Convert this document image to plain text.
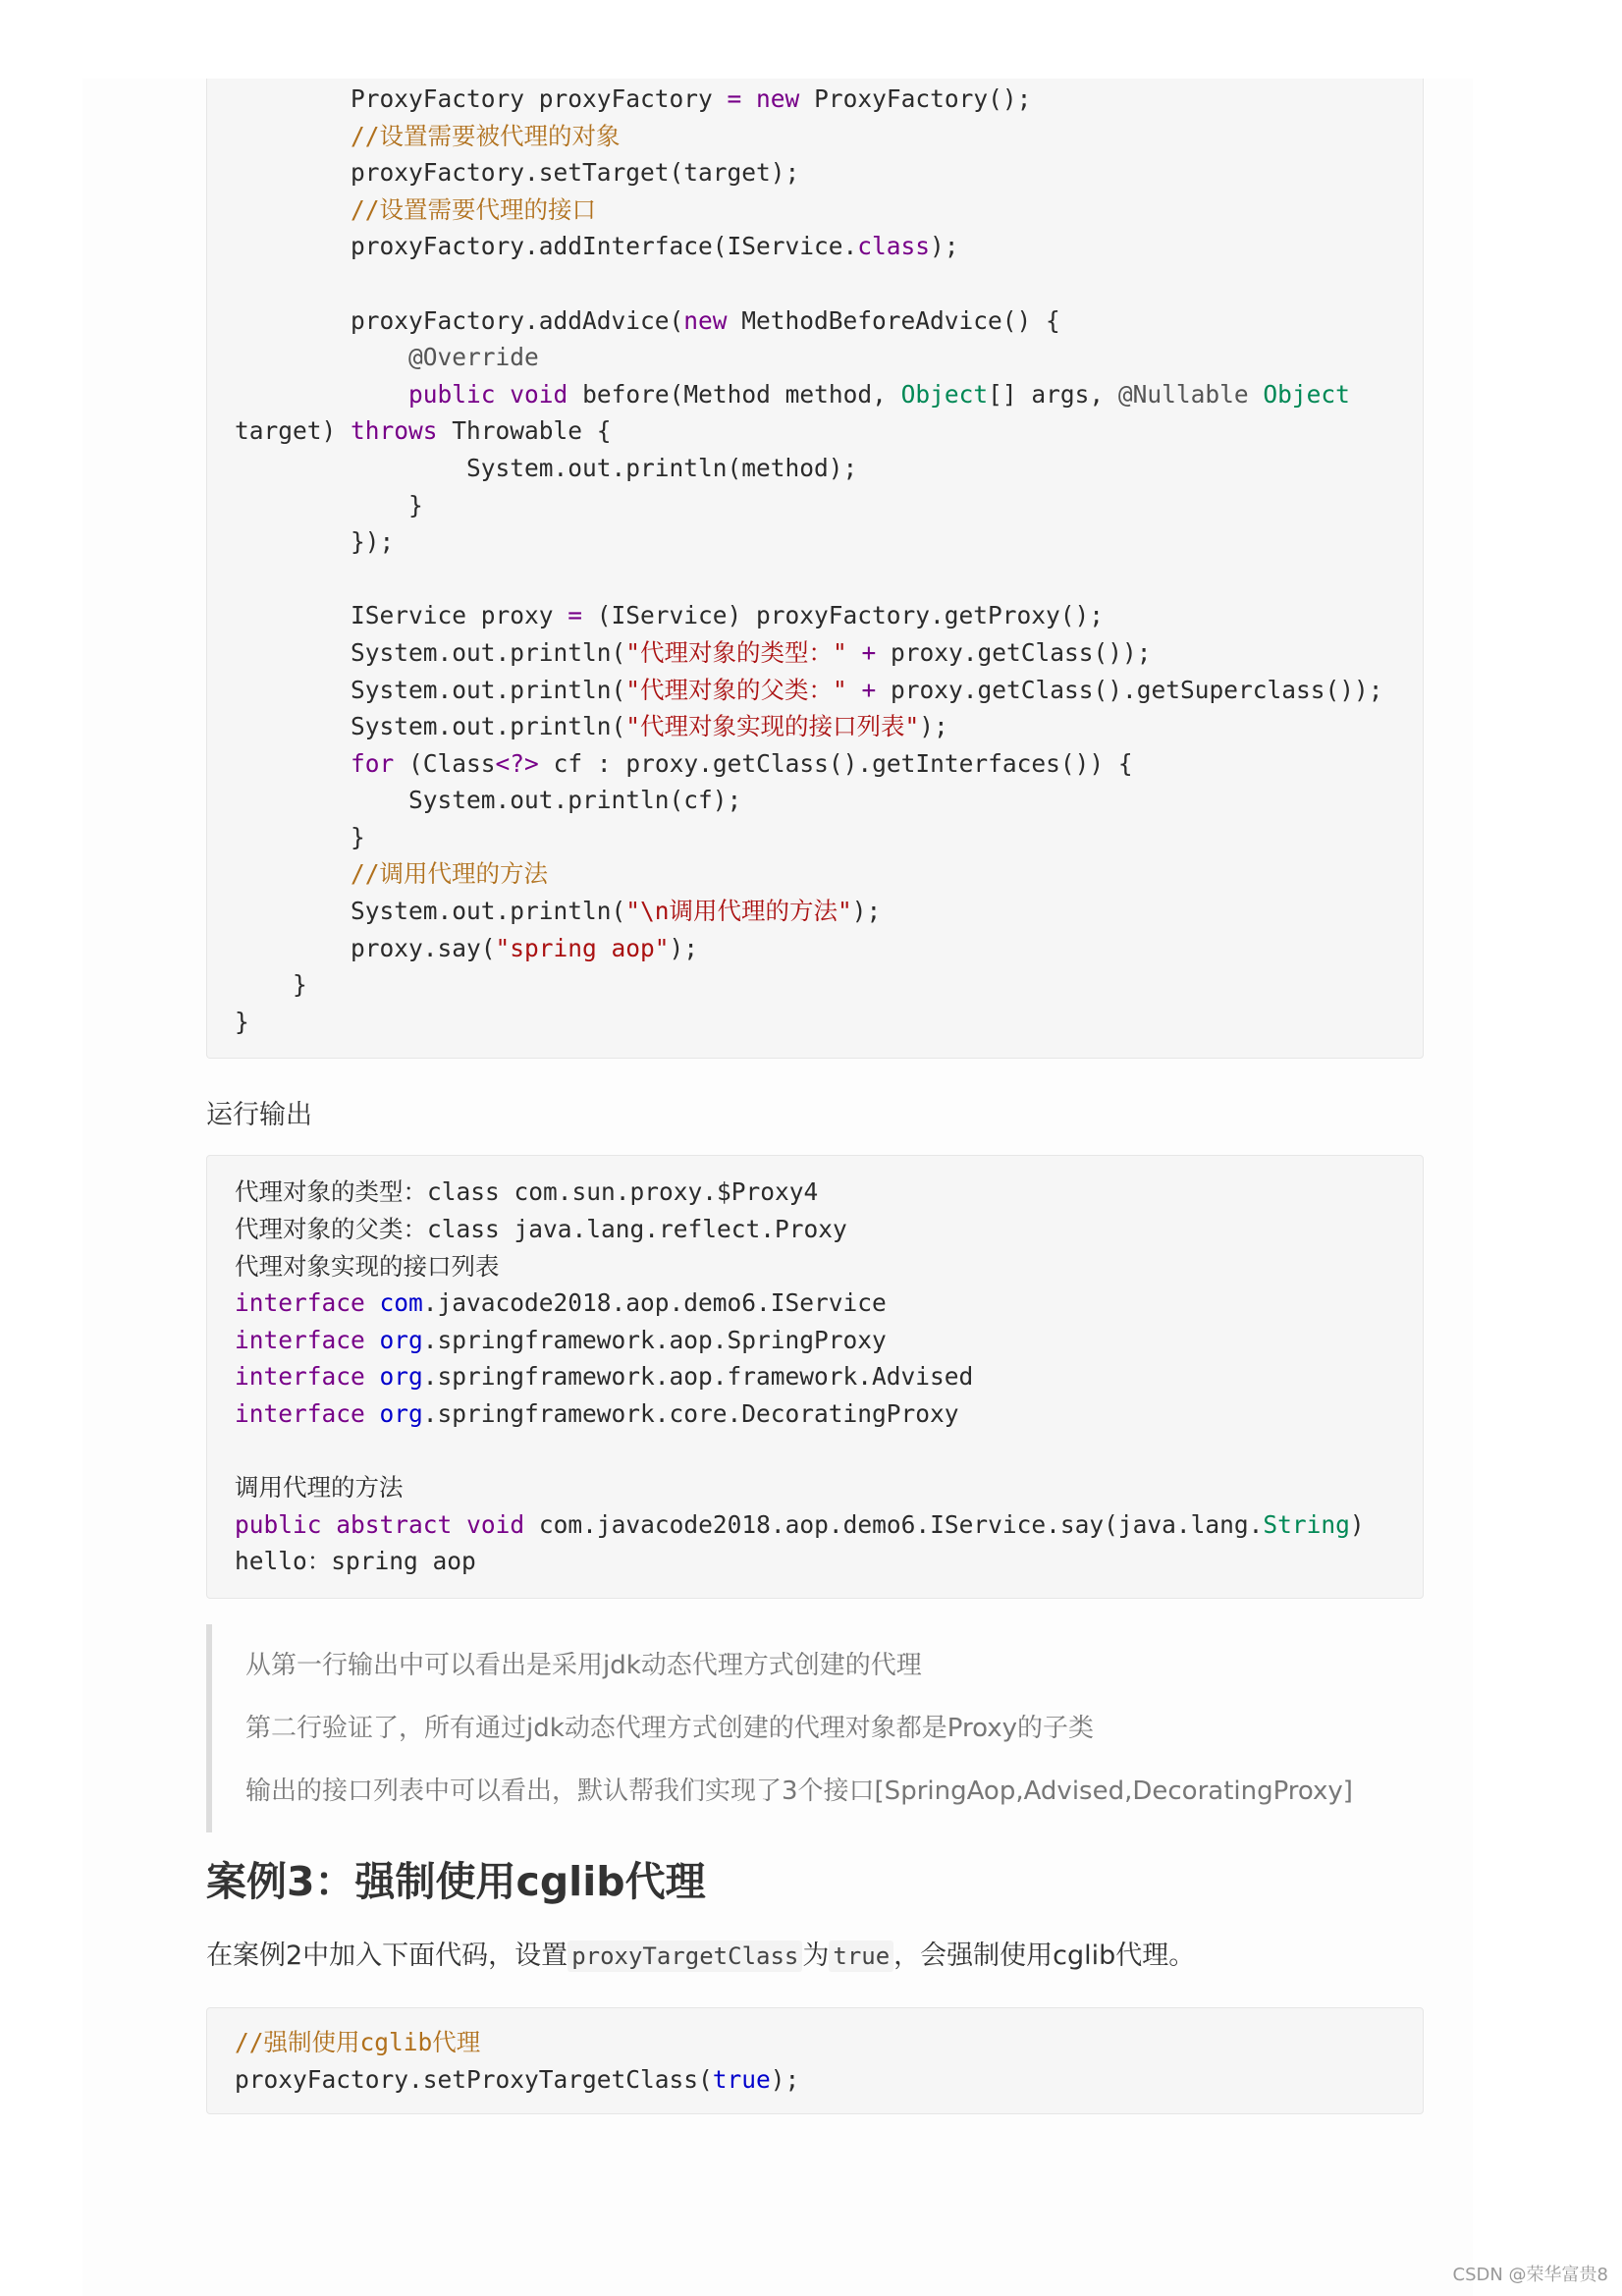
ProxyFactory proxyFactory = new ProxyFactory();
//设置需要被代理的对象
proxyFactory.setTarget(target);
//设置需要代理的接口
proxyFactory.addInterface(IService.class);
proxyFactory.addAdvice(new MethodBeforeAdvice() {
@Override
public void before(Method method, Object[] args, @Nullable Object
target) throws Throwable {
System.out.println(method);
}
});
IService proxy = (IService) proxyFactory.getProxy();
System.out.println("代理对象的类型：" + proxy.getClass());
System.out.println("代理对象的父类：" + proxy.getClass().getSuperclass());
System.out.println("代理对象实现的接口列表");
for (Class<?> cf : proxy.getClass().getInterfaces()) {
System.out.println(cf);
}
//调用代理的方法
System.out.println("\n调用代理的方法");
proxy.say("spring aop");
}
}
运行输出
代理对象的类型：class com.sun.proxy.$Proxy4
代理对象的父类：class java.lang.reflect.Proxy
代理对象实现的接口列表
interface com.javacode2018.aop.demo6.IService
interface org.springframework.aop.SpringProxy
interface org.springframework.aop.framework.Advised
interface org.springframework.core.DecoratingProxy
调用代理的方法
public abstract void com.javacode2018.aop.demo6.IService.say(java.lang.String)
hello：spring aop

从第一行输出中可以看出是采用jdk动态代理方式创建的代理

第二行验证了，所有通过jdk动态代理方式创建的代理对象都是Proxy的子类

输出的接口列表中可以看出，默认帮我们实现了3个接口[SpringAop,Advised,DecoratingProxy]

案例3：强制使用cglib代理

在案例2中加入下面代码，设置 proxyTargetClass 为 true ，会强制使用cglib代理。

//强制使用cglib代理
proxyFactory.setProxyTargetClass(true);
CSDN @荣华富贵8
